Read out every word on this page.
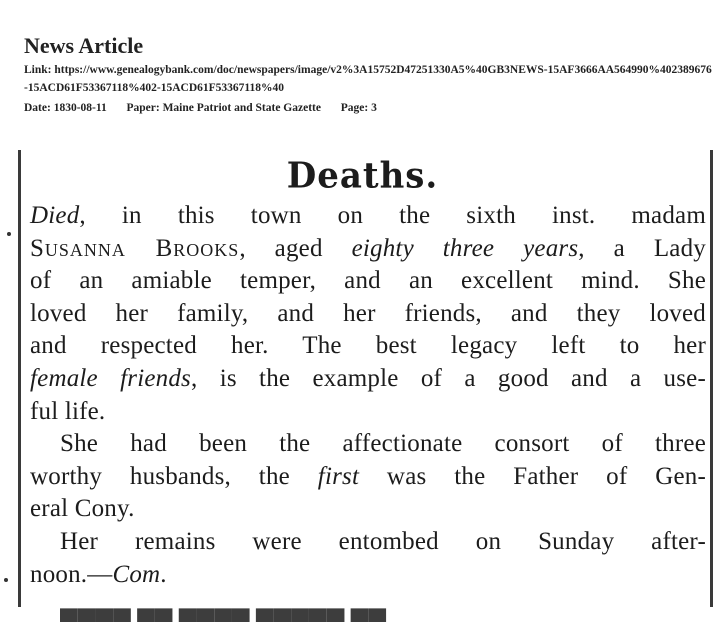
News Article
Link: https://www.genealogybank.com/doc/newspapers/image/v2%3A15752D47251330A5%40GB3NEWS-15AF3666AA564990%402389676-15ACD61F53367118%402-15ACD61F53367118%40
Date: 1830-08-11 Paper: Maine Patriot and State Gazette Page: 3
Deaths.
Died, in this town on the sixth inst. madam
Susanna Brooks, aged eighty three years, a Lady
of an amiable temper, and an excellent mind. She
loved her family, and her friends, and they loved
and respected her. The best legacy left to her
female friends, is the example of a good and a use-
ful life.
She had been the affectionate consort of three
worthy husbands, the first was the Father of Gen-
eral Cony.
Her remains were entombed on Sunday after-
noon.—Com.
▄▄▄▄ ▄▄ ▄▄▄▄ ▄▄▄▄▄ ▄▄
